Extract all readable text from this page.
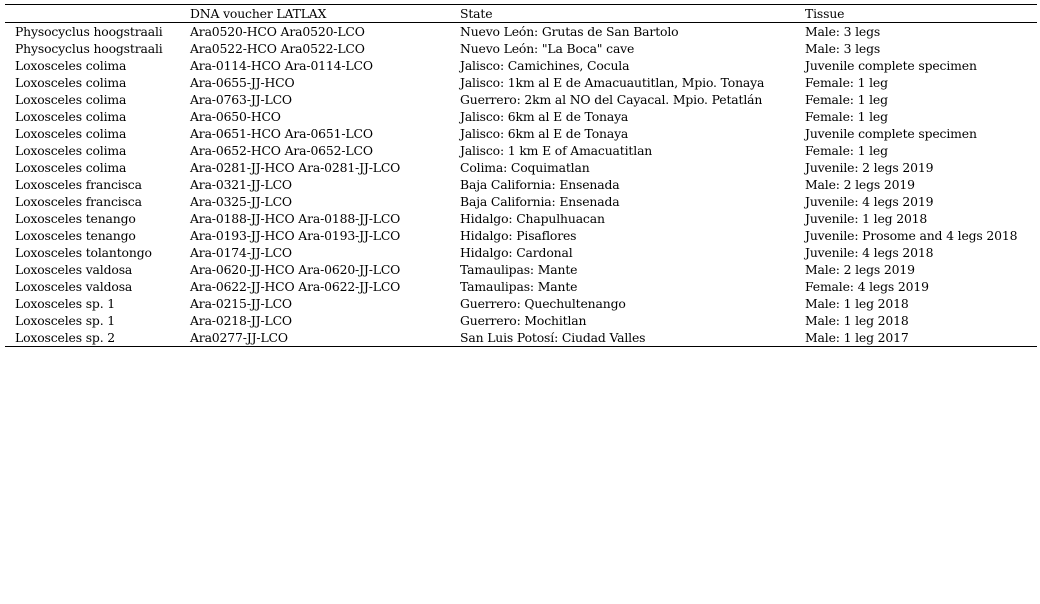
	DNA voucher LATLAX	State	Tissue
Physocyclus hoogstraali	Ara0520-HCO Ara0520-LCO	Nuevo León: Grutas de San Bartolo	Male: 3 legs
Physocyclus hoogstraali	Ara0522-HCO Ara0522-LCO	Nuevo León: "La Boca" cave	Male: 3 legs
Loxosceles colima	Ara-0114-HCO Ara-0114-LCO	Jalisco: Camichines, Cocula	Juvenile complete specimen
Loxosceles colima	Ara-0655-JJ-HCO	Jalisco: 1km al E de Amacuautitlan, Mpio. Tonaya	Female: 1 leg
Loxosceles colima	Ara-0763-JJ-LCO	Guerrero: 2km al NO del Cayacal. Mpio. Petatlán	Female: 1 leg
Loxosceles colima	Ara-0650-HCO	Jalisco: 6km al E de Tonaya	Female: 1 leg
Loxosceles colima	Ara-0651-HCO Ara-0651-LCO	Jalisco: 6km al E de Tonaya	Juvenile complete specimen
Loxosceles colima	Ara-0652-HCO Ara-0652-LCO	Jalisco: 1 km E of Amacuatitlan	Female: 1 leg
Loxosceles colima	Ara-0281-JJ-HCO Ara-0281-JJ-LCO	Colima: Coquimatlan	Juvenile: 2 legs 2019
Loxosceles francisca	Ara-0321-JJ-LCO	Baja California: Ensenada	Male: 2 legs 2019
Loxosceles francisca	Ara-0325-JJ-LCO	Baja California: Ensenada	Juvenile: 4 legs 2019
Loxosceles tenango	Ara-0188-JJ-HCO Ara-0188-JJ-LCO	Hidalgo: Chapulhuacan	Juvenile: 1 leg 2018
Loxosceles tenango	Ara-0193-JJ-HCO Ara-0193-JJ-LCO	Hidalgo: Pisaflores	Juvenile: Prosome and 4 legs 2018
Loxosceles tolantongo	Ara-0174-JJ-LCO	Hidalgo: Cardonal	Juvenile: 4 legs 2018
Loxosceles valdosa	Ara-0620-JJ-HCO Ara-0620-JJ-LCO	Tamaulipas: Mante	Male: 2 legs 2019
Loxosceles valdosa	Ara-0622-JJ-HCO Ara-0622-JJ-LCO	Tamaulipas: Mante	Female: 4 legs 2019
Loxosceles sp. 1	Ara-0215-JJ-LCO	Guerrero: Quechultenango	Male: 1 leg 2018
Loxosceles sp. 1	Ara-0218-JJ-LCO	Guerrero: Mochitlan	Male: 1 leg 2018
Loxosceles sp. 2	Ara0277-JJ-LCO	San Luis Potosí: Ciudad Valles	Male: 1 leg 2017
